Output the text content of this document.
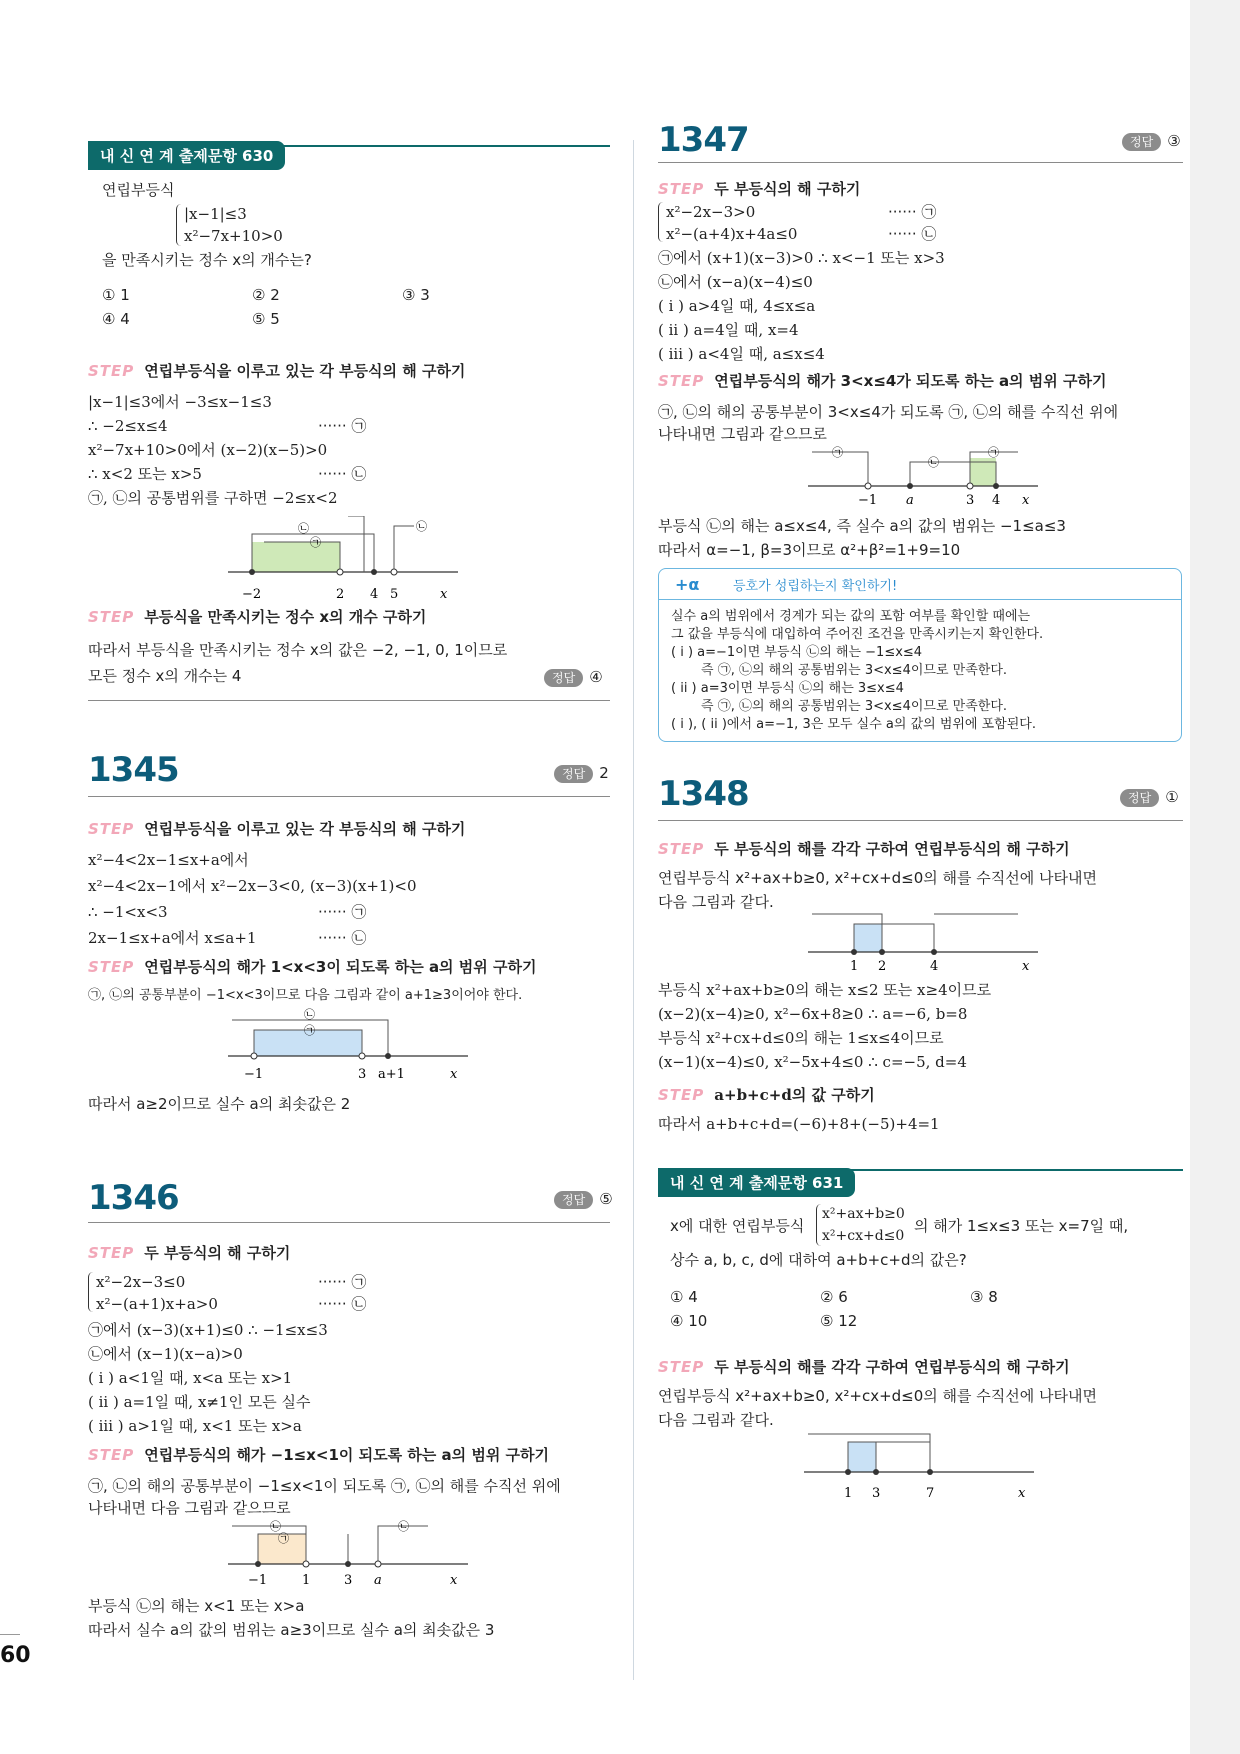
내 신 연 계 출제문항 630
연립부등식
|x−1|≤3
x²−7x+10>0
을 만족시키는 정수 x의 개수는?
① 1	② 2	③ 3
④ 4	⑤ 5
STEP 연립부등식을 이루고 있는 각 부등식의 해 구하기
|x−1|≤3에서 −3≤x−1≤3
∴ −2≤x≤4	······ ㉠
x²−7x+10>0에서 (x−2)(x−5)>0
∴ x<2 또는 x>5	······ ㉡
㉠, ㉡의 공통범위를 구하면 −2≤x<2
㉡
㉠
㉡
−2	2 4 5	x
STEP 부등식을 만족시키는 정수 x의 개수 구하기
따라서 부등식을 만족시키는 정수 x의 값은 −2, −1, 0, 1이므로
모든 정수 x의 개수는 4	정답 ④
1345	정답 2
STEP 연립부등식을 이루고 있는 각 부등식의 해 구하기
x²−4<2x−1≤x+a에서
x²−4<2x−1에서 x²−2x−3<0, (x−3)(x+1)<0
∴ −1<x<3	······ ㉠
2x−1≤x+a에서 x≤a+1	······ ㉡
STEP 연립부등식의 해가 1<x<3이 되도록 하는 a의 범위 구하기
㉠, ㉡의 공통부분이 −1<x<3이므로 다음 그림과 같이 a+1≥3이어야 한다.
㉡
㉠
−1	3 a+1	x
따라서 a≥2이므로 실수 a의 최솟값은 2
1346	정답 ⑤
STEP 두 부등식의 해 구하기
x²−2x−3≤0	······ ㉠
x²−(a+1)x+a>0	······ ㉡
㉠에서 (x−3)(x+1)≤0 ∴ −1≤x≤3
㉡에서 (x−1)(x−a)>0
( i ) a<1일 때, x<a 또는 x>1
( ii ) a=1일 때, x≠1인 모든 실수
( iii ) a>1일 때, x<1 또는 x>a
STEP 연립부등식의 해가 −1≤x<1이 되도록 하는 a의 범위 구하기
㉠, ㉡의 해의 공통부분이 −1≤x<1이 되도록 ㉠, ㉡의 해를 수직선 위에
나타내면 다음 그림과 같으므로
㉡
㉠
㉡
−1	1	3 a	x
부등식 ㉡의 해는 x<1 또는 x>a
따라서 실수 a의 값의 범위는 a≥3이므로 실수 a의 최솟값은 3
1347	정답 ③
STEP 두 부등식의 해 구하기
x²−2x−3>0	······ ㉠
x²−(a+4)x+4a≤0	······ ㉡
㉠에서 (x+1)(x−3)>0 ∴ x<−1 또는 x>3
㉡에서 (x−a)(x−4)≤0
( i ) a>4일 때, 4≤x≤a
( ii ) a=4일 때, x=4
( iii ) a<4일 때, a≤x≤4
STEP 연립부등식의 해가 3<x≤4가 되도록 하는 a의 범위 구하기
㉠, ㉡의 해의 공통부분이 3<x≤4가 되도록 ㉠, ㉡의 해를 수직선 위에
나타내면 그림과 같으므로
㉠
㉡
㉠
−1 a	3 4 x
부등식 ㉡의 해는 a≤x≤4, 즉 실수 a의 값의 범위는 −1≤a≤3
따라서 α=−1, β=3이므로 α²+β²=1+9=10
+α	등호가 성립하는지 확인하기!
실수 a의 범위에서 경계가 되는 값의 포함 여부를 확인할 때에는
그 값을 부등식에 대입하여 주어진 조건을 만족시키는지 확인한다.
( i ) a=−1이면 부등식 ㉡의 해는 −1≤x≤4
즉 ㉠, ㉡의 해의 공통범위는 3<x≤4이므로 만족한다.
( ii ) a=3이면 부등식 ㉡의 해는 3≤x≤4
즉 ㉠, ㉡의 해의 공통범위는 3<x≤4이므로 만족한다.
( i ), ( ii )에서 a=−1, 3은 모두 실수 a의 값의 범위에 포함된다.
1348	정답 ①
STEP 두 부등식의 해를 각각 구하여 연립부등식의 해 구하기
연립부등식 x²+ax+b≥0, x²+cx+d≤0의 해를 수직선에 나타내면
다음 그림과 같다.
1 2	4	x
부등식 x²+ax+b≥0의 해는 x≤2 또는 x≥4이므로
(x−2)(x−4)≥0, x²−6x+8≥0 ∴ a=−6, b=8
부등식 x²+cx+d≤0의 해는 1≤x≤4이므로
(x−1)(x−4)≤0, x²−5x+4≤0 ∴ c=−5, d=4
STEP a+b+c+d의 값 구하기
따라서 a+b+c+d=(−6)+8+(−5)+4=1
내 신 연 계 출제문항 631
x에 대한 연립부등식
x²+ax+b≥0
x²+cx+d≤0
의 해가 1≤x≤3 또는 x=7일 때,
상수 a, b, c, d에 대하여 a+b+c+d의 값은?
① 4	② 6	③ 8
④ 10	⑤ 12
STEP 두 부등식의 해를 각각 구하여 연립부등식의 해 구하기
연립부등식 x²+ax+b≥0, x²+cx+d≤0의 해를 수직선에 나타내면
다음 그림과 같다.

1 3	7	x
60
